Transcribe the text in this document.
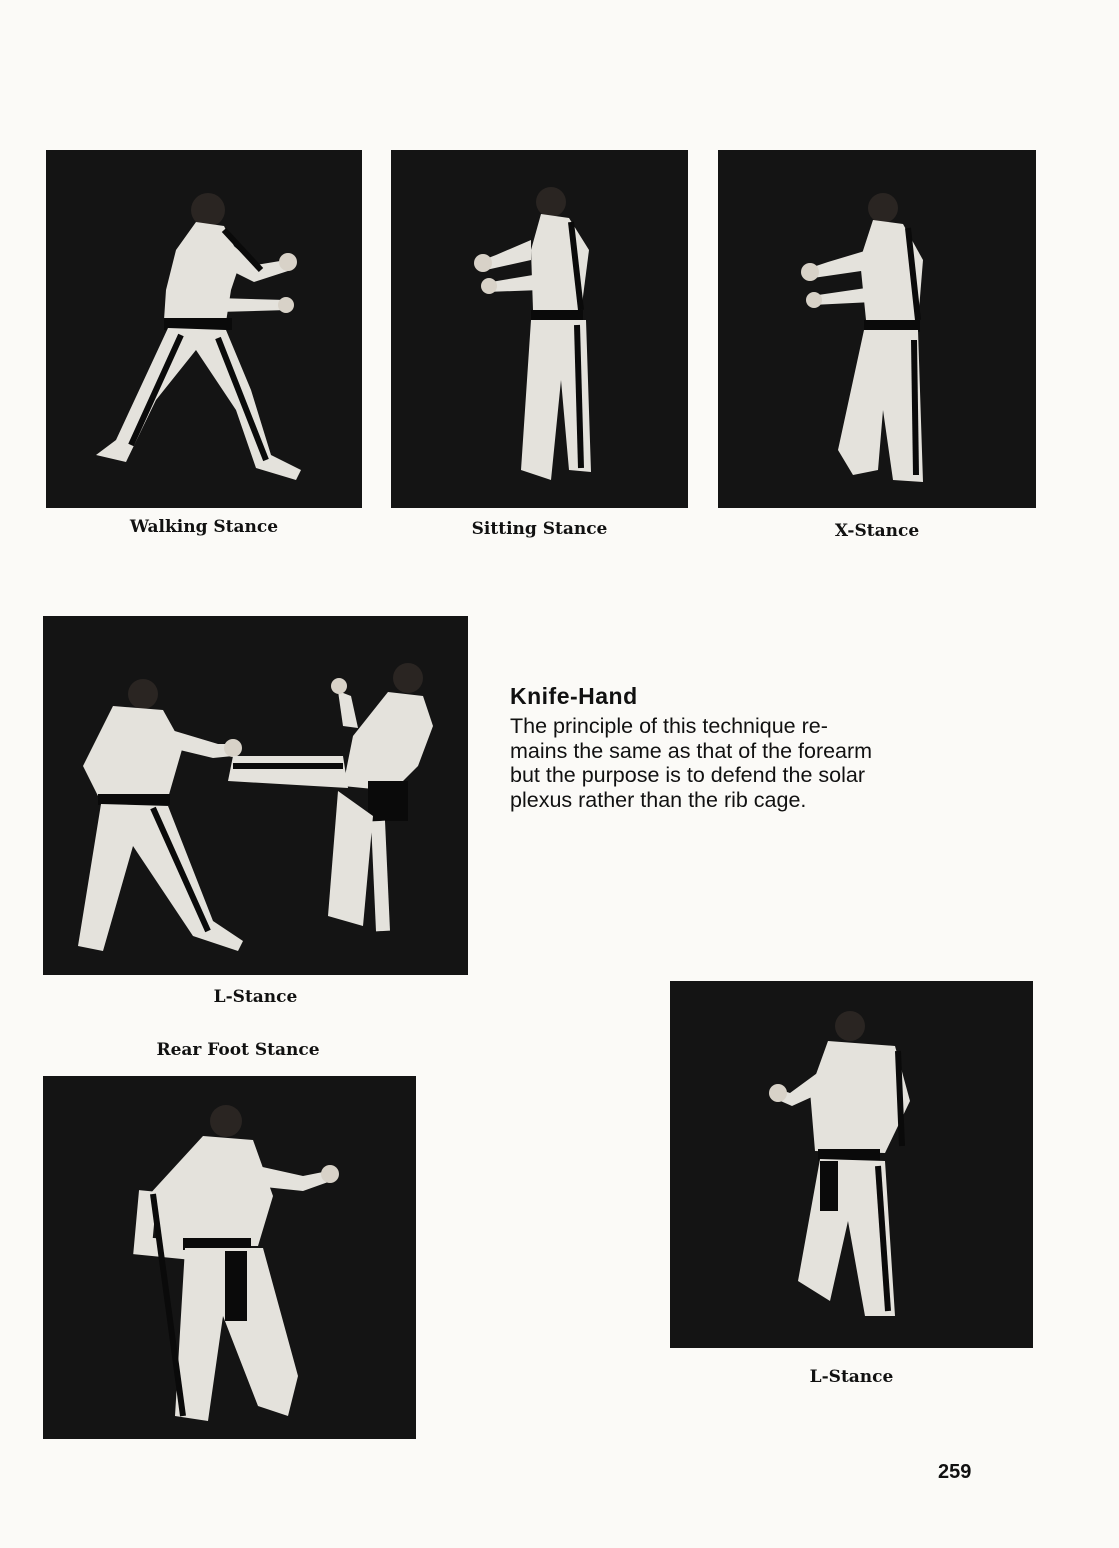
Walking Stance	Sitting Stance	X-Stance
Knife-Hand
The principle of this technique re-
mains the same as that of the forearm
but the purpose is to defend the solar
plexus rather than the rib cage.
L-Stance
Rear Foot Stance
L-Stance
259
